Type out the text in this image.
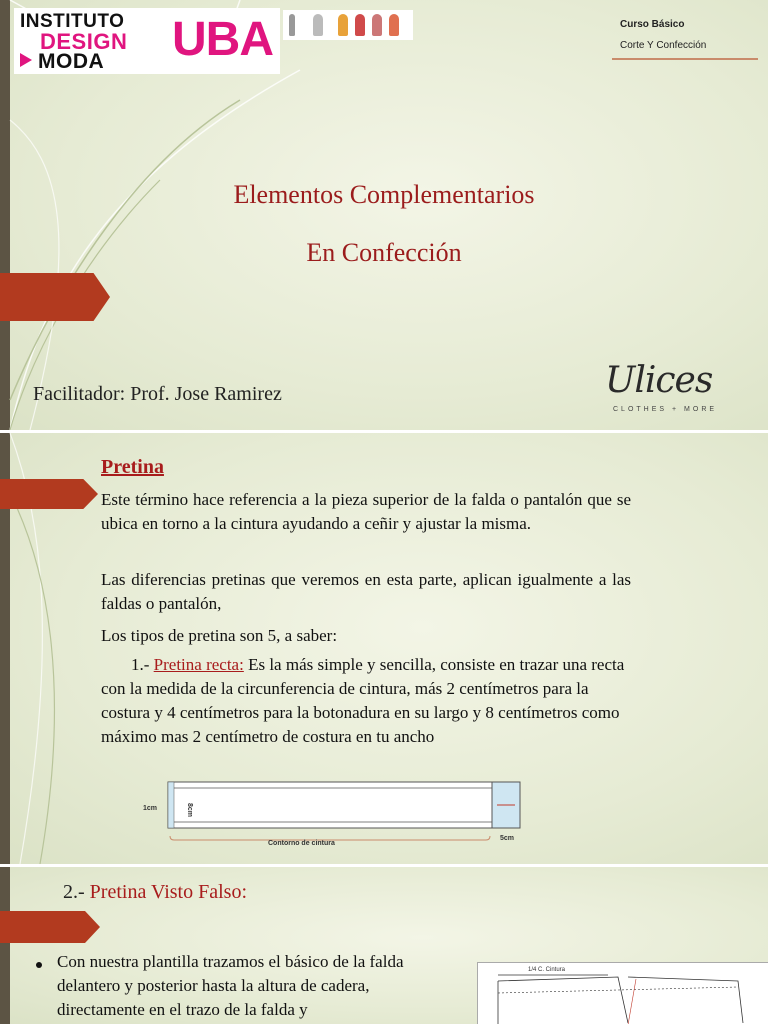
INSTITUTO
DESIGN
MODA UBA	Curso Básico
Corte Y Confección
Elementos Complementarios
En Confección
Facilitador: Prof. Jose Ramirez	Ulices
CLOTHES + MORE
Pretina
Este término hace referencia a la pieza superior de la falda o pantalón que se ubica en torno a la cintura ayudando a ceñir y ajustar la misma.
Las diferencias pretinas que veremos en esta parte, aplican igualmente a las faldas o pantalón,
Los tipos de pretina son 5, a saber:
1.- Pretina recta: Es la más simple y sencilla, consiste en trazar una recta con la medida de la circunferencia de cintura, más 2 centímetros para la costura y 4 centímetros para la botonadura en su largo y 8 centímetros como máximo mas 2 centímetro de costura en tu ancho
1cm	8cm
Contorno de cintura
5cm
2.- Pretina Visto Falso:
Con nuestra plantilla trazamos el básico de la falda delantero y posterior hasta la altura de cadera, directamente en el trazo de la falda y
1/4 C. Cintura
